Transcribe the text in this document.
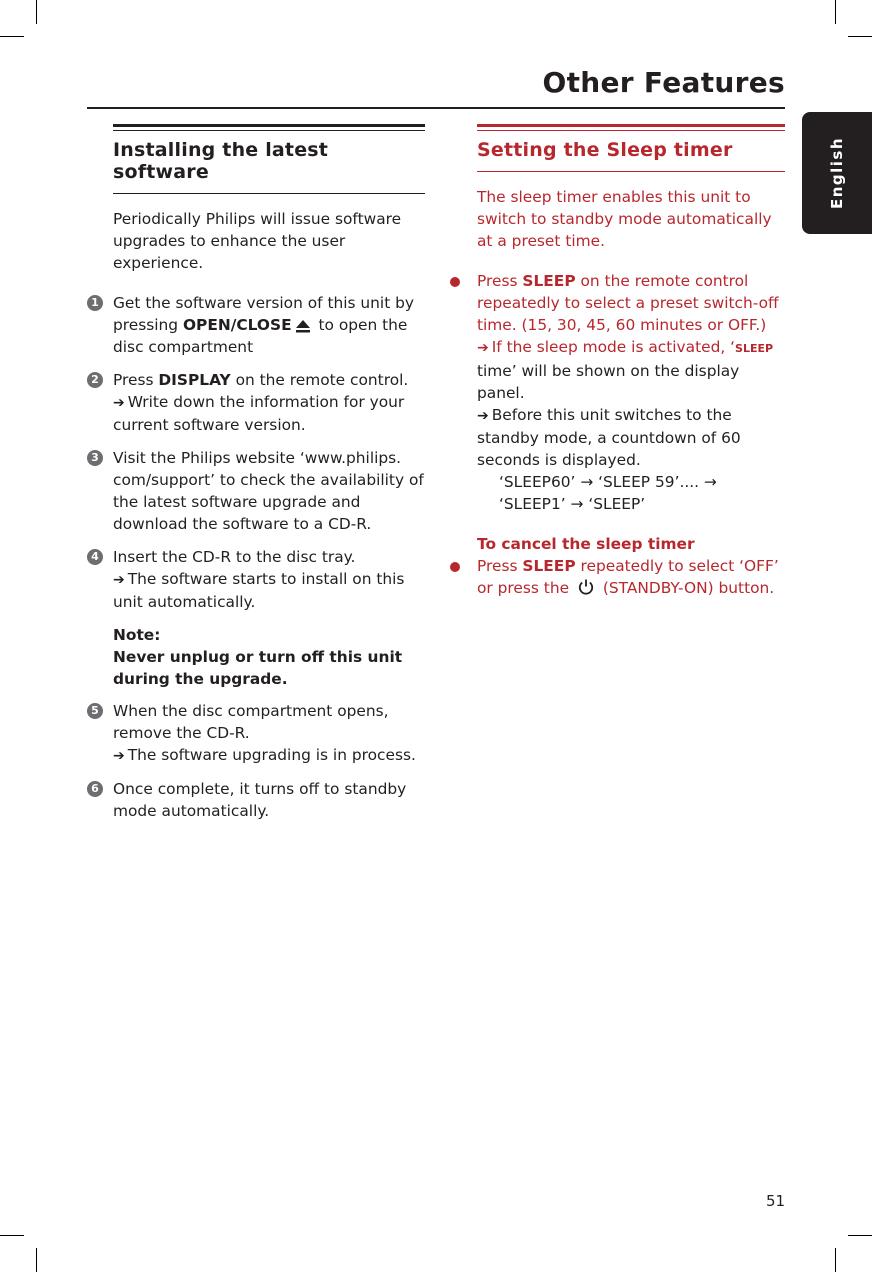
Other Features
English
Installing the latest software

Periodically Philips will issue software upgrades to enhance the user experience.

1 Get the software version of this unit by pressing OPEN/CLOSE to open the disc compartment

2 Press DISPLAY on the remote control.
➔ Write down the information for your current software version.

3 Visit the Philips website ‘www.philips. com/support’ to check the availability of the latest software upgrade and download the software to a CD-R.

4 Insert the CD-R to the disc tray.
➔ The software starts to install on this unit automatically.

Note:
Never unplug or turn off this unit during the upgrade.

5 When the disc compartment opens, remove the CD-R.
➔ The software upgrading is in process.

6 Once complete, it turns off to standby mode automatically.

Setting the Sleep timer

The sleep timer enables this unit to switch to standby mode automatically at a preset time.

Press SLEEP on the remote control repeatedly to select a preset switch-off time. (15, 30, 45, 60 minutes or OFF.)
➔ If the sleep mode is activated, ‘SLEEP

time’ will be shown on the display panel.
➔ Before this unit switches to the standby mode, a countdown of 60 seconds is displayed.

‘SLEEP60’ → ‘SLEEP 59’.... →
‘SLEEP1’ → ‘SLEEP’

To cancel the sleep timer

Press SLEEP repeatedly to select ‘OFF’ or press the  (STANDBY-ON) button.

51
